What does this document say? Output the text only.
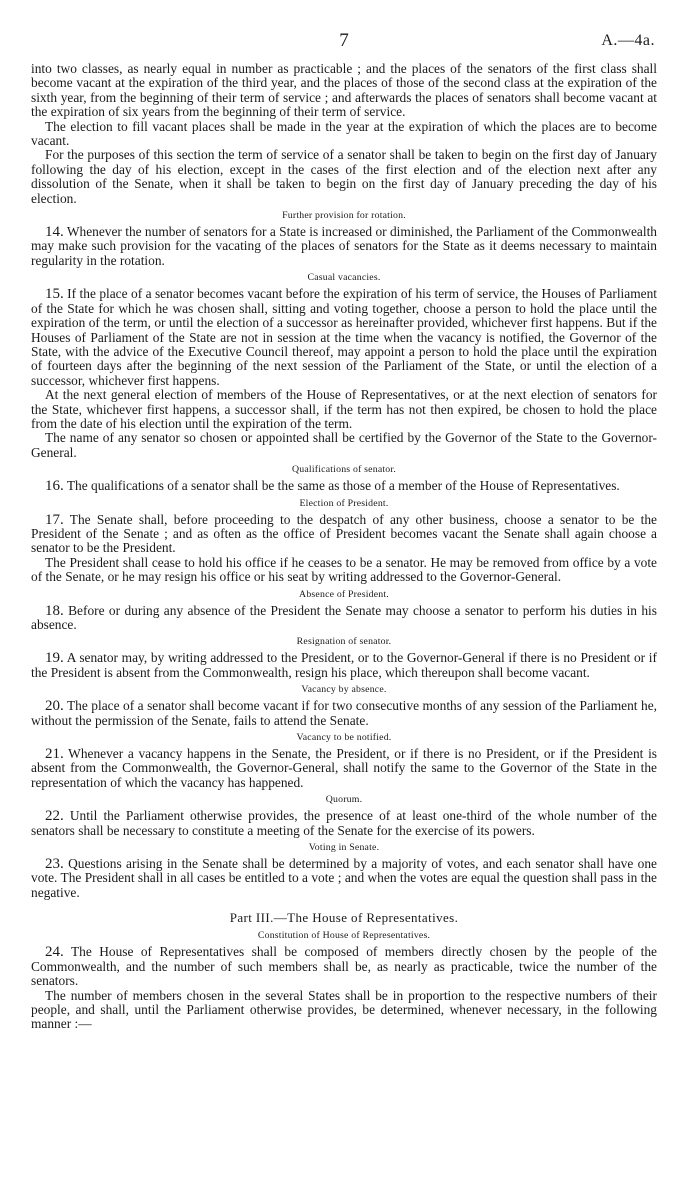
7	A.—4a.

into two classes, as nearly equal in number as practicable ; and the places of the senators of the first class shall become vacant at the expiration of the third year, and the places of those of the second class at the expiration of the sixth year, from the beginning of their term of service ; and afterwards the places of senators shall become vacant at the expiration of six years from the beginning of their term of service.

The election to fill vacant places shall be made in the year at the expiration of which the places are to become vacant.

For the purposes of this section the term of service of a senator shall be taken to begin on the first day of January following the day of his election, except in the cases of the first election and of the election next after any dissolution of the Senate, when it shall be taken to begin on the first day of January preceding the day of his election.

Further provision for rotation.

14. Whenever the number of senators for a State is increased or diminished, the Parliament of the Commonwealth may make such provision for the vacating of the places of senators for the State as it deems necessary to maintain regularity in the rotation.

Casual vacancies.

15. If the place of a senator becomes vacant before the expiration of his term of service, the Houses of Parliament of the State for which he was chosen shall, sitting and voting together, choose a person to hold the place until the expiration of the term, or until the election of a successor as hereinafter provided, whichever first happens. But if the Houses of Parliament of the State are not in session at the time when the vacancy is notified, the Governor of the State, with the advice of the Executive Council thereof, may appoint a person to hold the place until the expiration of fourteen days after the beginning of the next session of the Parliament of the State, or until the election of a successor, whichever first happens.

At the next general election of members of the House of Representatives, or at the next election of senators for the State, whichever first happens, a successor shall, if the term has not then expired, be chosen to hold the place from the date of his election until the expiration of the term.

The name of any senator so chosen or appointed shall be certified by the Governor of the State to the Governor-General.

Qualifications of senator.

16. The qualifications of a senator shall be the same as those of a member of the House of Representatives.

Election of President.

17. The Senate shall, before proceeding to the despatch of any other business, choose a senator to be the President of the Senate ; and as often as the office of President becomes vacant the Senate shall again choose a senator to be the President.

The President shall cease to hold his office if he ceases to be a senator. He may be removed from office by a vote of the Senate, or he may resign his office or his seat by writing addressed to the Governor-General.

Absence of President.

18. Before or during any absence of the President the Senate may choose a senator to perform his duties in his absence.

Resignation of senator.

19. A senator may, by writing addressed to the President, or to the Governor-General if there is no President or if the President is absent from the Commonwealth, resign his place, which thereupon shall become vacant.

Vacancy by absence.

20. The place of a senator shall become vacant if for two consecutive months of any session of the Parliament he, without the permission of the Senate, fails to attend the Senate.

Vacancy to be notified.

21. Whenever a vacancy happens in the Senate, the President, or if there is no President, or if the President is absent from the Commonwealth, the Governor-General, shall notify the same to the Governor of the State in the representation of which the vacancy has happened.

Quorum.

22. Until the Parliament otherwise provides, the presence of at least one-third of the whole number of the senators shall be necessary to constitute a meeting of the Senate for the exercise of its powers.

Voting in Senate.

23. Questions arising in the Senate shall be determined by a majority of votes, and each senator shall have one vote. The President shall in all cases be entitled to a vote ; and when the votes are equal the question shall pass in the negative.

Part III.—The House of Representatives.
Constitution of House of Representatives.

24. The House of Representatives shall be composed of members directly chosen by the people of the Commonwealth, and the number of such members shall be, as nearly as practicable, twice the number of the senators.

The number of members chosen in the several States shall be in proportion to the respective numbers of their people, and shall, until the Parliament otherwise provides, be determined, whenever necessary, in the following manner :—
